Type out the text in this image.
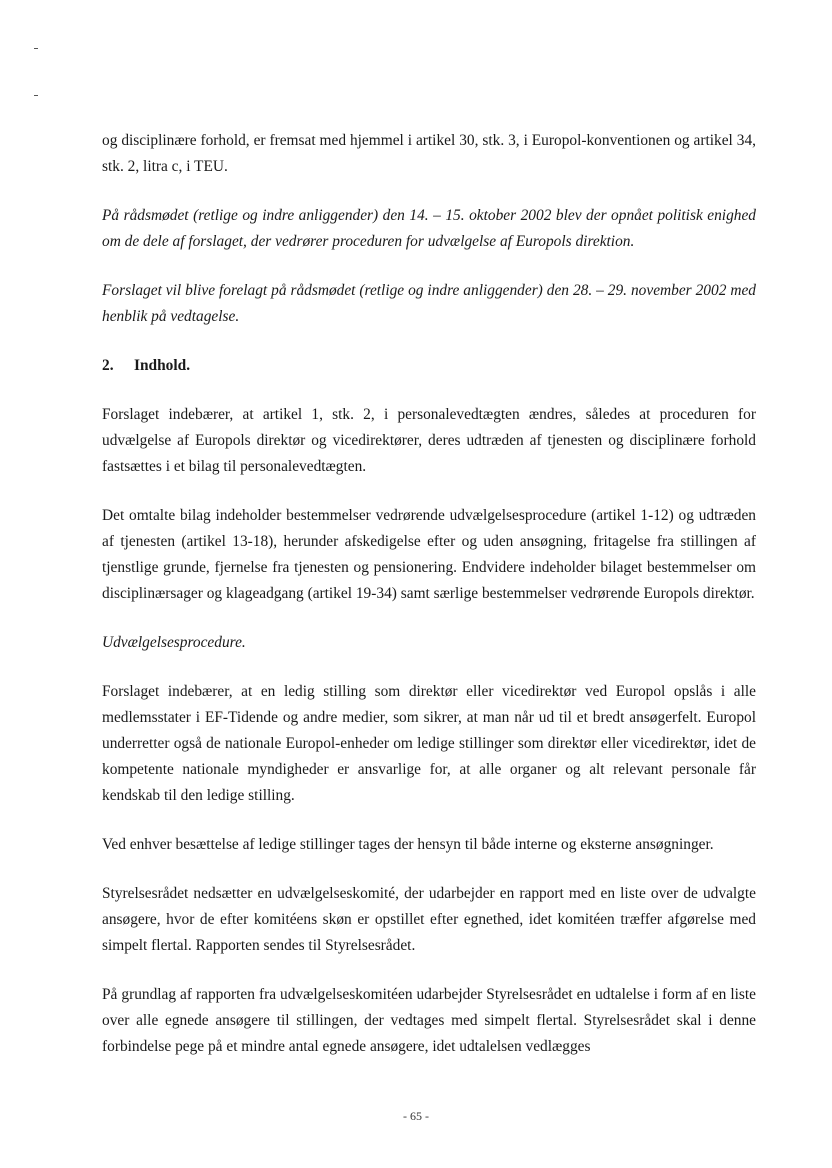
og disciplinære forhold, er fremsat med hjemmel i artikel 30, stk. 3, i Europol-konventionen og artikel 34, stk. 2, litra c, i TEU.

På rådsmødet (retlige og indre anliggender) den 14. – 15. oktober 2002 blev der opnået politisk enighed om de dele af forslaget, der vedrører proceduren for udvælgelse af Europols direktion.

Forslaget vil blive forelagt på rådsmødet (retlige og indre anliggender) den 28. – 29. november 2002 med henblik på vedtagelse.

2. Indhold.

Forslaget indebærer, at artikel 1, stk. 2, i personalevedtægten ændres, således at proceduren for udvælgelse af Europols direktør og vicedirektører, deres udtræden af tjenesten og disciplinære forhold fastsættes i et bilag til personalevedtægten.

Det omtalte bilag indeholder bestemmelser vedrørende udvælgelsesprocedure (artikel 1-12) og udtræden af tjenesten (artikel 13-18), herunder afskedigelse efter og uden ansøgning, fritagelse fra stillingen af tjenstlige grunde, fjernelse fra tjenesten og pensionering. Endvidere indeholder bilaget bestemmelser om disciplinærsager og klageadgang (artikel 19-34) samt særlige bestemmelser vedrørende Europols direktør.

Udvælgelsesprocedure.

Forslaget indebærer, at en ledig stilling som direktør eller vicedirektør ved Europol opslås i alle medlemsstater i EF-Tidende og andre medier, som sikrer, at man når ud til et bredt ansøgerfelt. Europol underretter også de nationale Europol-enheder om ledige stillinger som direktør eller vicedirektør, idet de kompetente nationale myndigheder er ansvarlige for, at alle organer og alt relevant personale får kendskab til den ledige stilling.

Ved enhver besættelse af ledige stillinger tages der hensyn til både interne og eksterne ansøgninger.

Styrelsesrådet nedsætter en udvælgelseskomité, der udarbejder en rapport med en liste over de udvalgte ansøgere, hvor de efter komitéens skøn er opstillet efter egnethed, idet komitéen træffer afgørelse med simpelt flertal. Rapporten sendes til Styrelsesrådet.

På grundlag af rapporten fra udvælgelseskomitéen udarbejder Styrelsesrådet en udtalelse i form af en liste over alle egnede ansøgere til stillingen, der vedtages med simpelt flertal. Styrelsesrådet skal i denne forbindelse pege på et mindre antal egnede ansøgere, idet udtalelsen vedlægges

- 65 -
